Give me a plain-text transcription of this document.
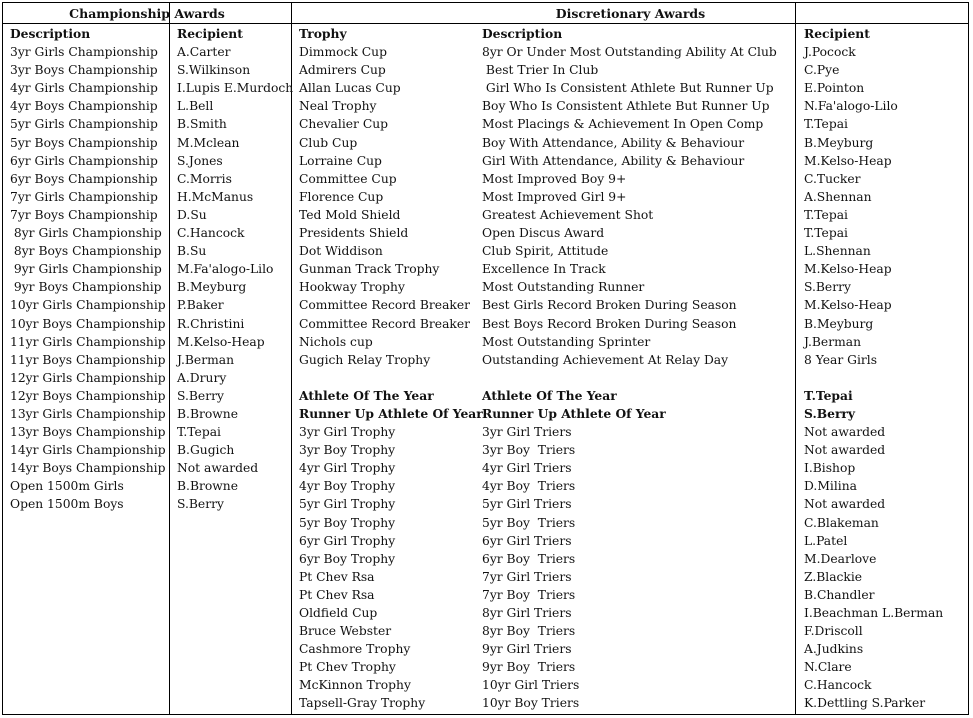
Championship Awards	Discretionary Awards
Description
3yr Girls Championship
3yr Boys Championship
4yr Girls Championship
4yr Boys Championship
5yr Girls Championship
5yr Boys Championship
6yr Girls Championship
6yr Boys Championship
7yr Girls Championship
7yr Boys Championship
8yr Girls Championship
8yr Boys Championship
9yr Girls Championship
9yr Boys Championship
10yr Girls Championship
10yr Boys Championship
11yr Girls Championship
11yr Boys Championship
12yr Girls Championship
12yr Boys Championship
13yr Girls Championship
13yr Boys Championship
14yr Girls Championship
14yr Boys Championship
Open 1500m Girls
Open 1500m Boys
Recipient
A.Carter
S.Wilkinson
I.Lupis E.Murdoch
L.Bell
B.Smith
M.Mclean
S.Jones
C.Morris
H.McManus
D.Su
C.Hancock
B.Su
M.Fa'alogo-Lilo
B.Meyburg
P.Baker
R.Christini
M.Kelso-Heap
J.Berman
A.Drury
S.Berry
B.Browne
T.Tepai
B.Gugich
Not awarded
B.Browne
S.Berry
Trophy
Dimmock Cup
Admirers Cup
Allan Lucas Cup
Neal Trophy
Chevalier Cup
Club Cup
Lorraine Cup
Committee Cup
Florence Cup
Ted Mold Shield
Presidents Shield
Dot Widdison
Gunman Track Trophy
Hookway Trophy
Committee Record Breaker
Committee Record Breaker
Nichols cup
Gugich Relay Trophy
Athlete Of The Year
Runner Up Athlete Of Year
3yr Girl Trophy
3yr Boy Trophy
4yr Girl Trophy
4yr Boy Trophy
5yr Girl Trophy
5yr Boy Trophy
6yr Girl Trophy
6yr Boy Trophy
Pt Chev Rsa
Pt Chev Rsa
Oldfield Cup
Bruce Webster
Cashmore Trophy
Pt Chev Trophy
McKinnon Trophy
Tapsell-Gray Trophy
Description
8yr Or Under Most Outstanding Ability At Club
Best Trier In Club
Girl Who Is Consistent Athlete But Runner Up
Boy Who Is Consistent Athlete But Runner Up
Most Placings & Achievement In Open Comp
Boy With Attendance, Ability & Behaviour
Girl With Attendance, Ability & Behaviour
Most Improved Boy 9+
Most Improved Girl 9+
Greatest Achievement Shot
Open Discus Award
Club Spirit, Attitude
Excellence In Track
Most Outstanding Runner
Best Girls Record Broken During Season
Best Boys Record Broken During Season
Most Outstanding Sprinter
Outstanding Achievement At Relay Day
Athlete Of The Year
Runner Up Athlete Of Year
3yr Girl Triers
3yr Boy  Triers
4yr Girl Triers
4yr Boy  Triers
5yr Girl Triers
5yr Boy  Triers
6yr Girl Triers
6yr Boy  Triers
7yr Girl Triers
7yr Boy  Triers
8yr Girl Triers
8yr Boy  Triers
9yr Girl Triers
9yr Boy  Triers
10yr Girl Triers
10yr Boy Triers
Recipient
J.Pocock
C.Pye
E.Pointon
N.Fa'alogo-Lilo
T.Tepai
B.Meyburg
M.Kelso-Heap
C.Tucker
A.Shennan
T.Tepai
T.Tepai
L.Shennan
M.Kelso-Heap
S.Berry
M.Kelso-Heap
B.Meyburg
J.Berman
8 Year Girls
T.Tepai
S.Berry
Not awarded
Not awarded
I.Bishop
D.Milina
Not awarded
C.Blakeman
L.Patel
M.Dearlove
Z.Blackie
B.Chandler
I.Beachman L.Berman
F.Driscoll
A.Judkins
N.Clare
C.Hancock
K.Dettling S.Parker
